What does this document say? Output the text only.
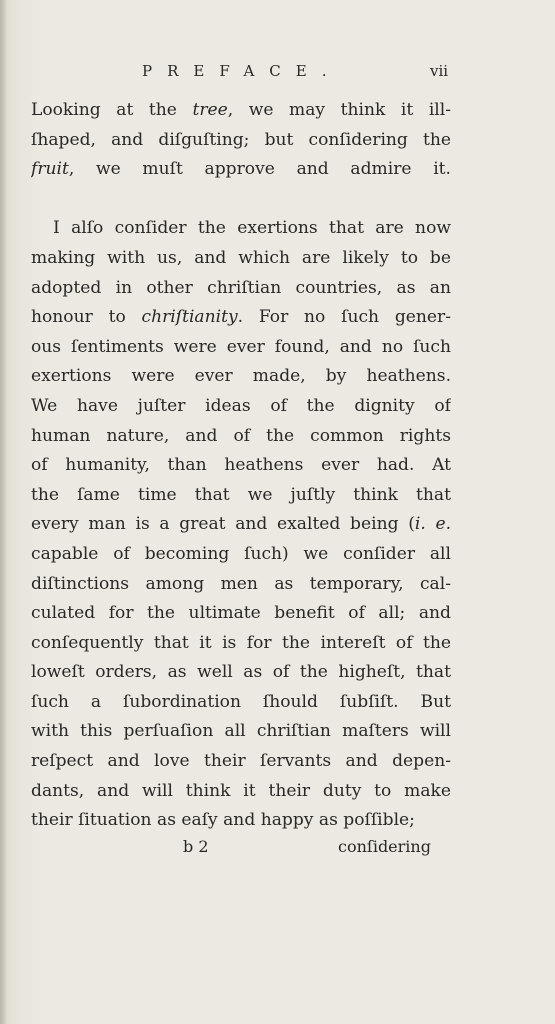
PREFACE.	vii
Looking at the tree, we may think it ill-
ſhaped, and diſguſting; but conſidering the
fruit, we muſt approve and admire it.
I alſo conſider the exertions that are now
making with us, and which are likely to be
adopted in other chriſtian countries, as an
honour to chriſtianity. For no ſuch gener-
ous ſentiments were ever found, and no ſuch
exertions were ever made, by heathens.
We have juſter ideas of the dignity of
human nature, and of the common rights
of humanity, than heathens ever had. At
the ſame time that we juſtly think that
every man is a great and exalted being (i. e.
capable of becoming ſuch) we conſider all
diſtinctions among men as temporary, cal-
culated for the ultimate benefit of all; and
conſequently that it is for the intereſt of the
loweſt orders, as well as of the higheſt, that
ſuch a ſubordination ſhould ſubſiſt. But
with this perſuaſion all chriſtian maſters will
reſpect and love their ſervants and depen-
dants, and will think it their duty to make
their ſituation as eaſy and happy as poſſible;
b 2	conſidering
